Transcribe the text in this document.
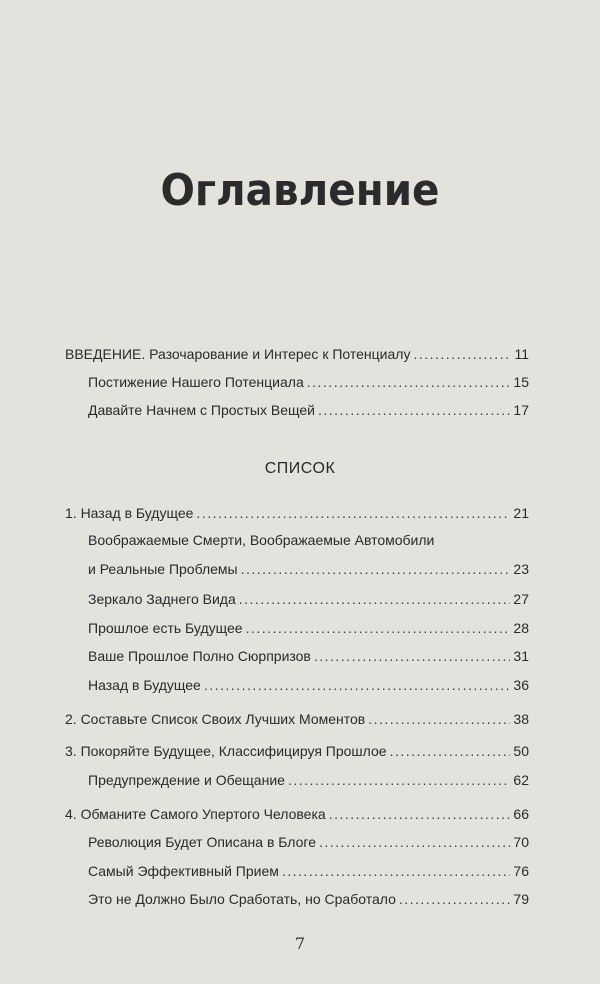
Оглавление
ВВЕДЕНИЕ. Разочарование и Интерес к Потенциалу .....	11
Постижение Нашего Потенциала .....	15
Давайте Начнем с Простых Вещей .....	17
СПИСОК
1. Назад в Будущее .....	21
Воображаемые Смерти, Воображаемые Автомобили
и Реальные Проблемы .....	23
Зеркало Заднего Вида .....	27
Прошлое есть Будущее .....	28
Ваше Прошлое Полно Сюрпризов .....	31
Назад в Будущее .....	36
2. Составьте Список Своих Лучших Моментов .....	38
3. Покоряйте Будущее, Классифицируя Прошлое .....	50
Предупреждение и Обещание .....	62
4. Обманите Самого Упертого Человека .....	66
Революция Будет Описана в Блоге .....	70
Самый Эффективный Прием .....	76
Это не Должно Было Сработать, но Сработало .....	79
7
